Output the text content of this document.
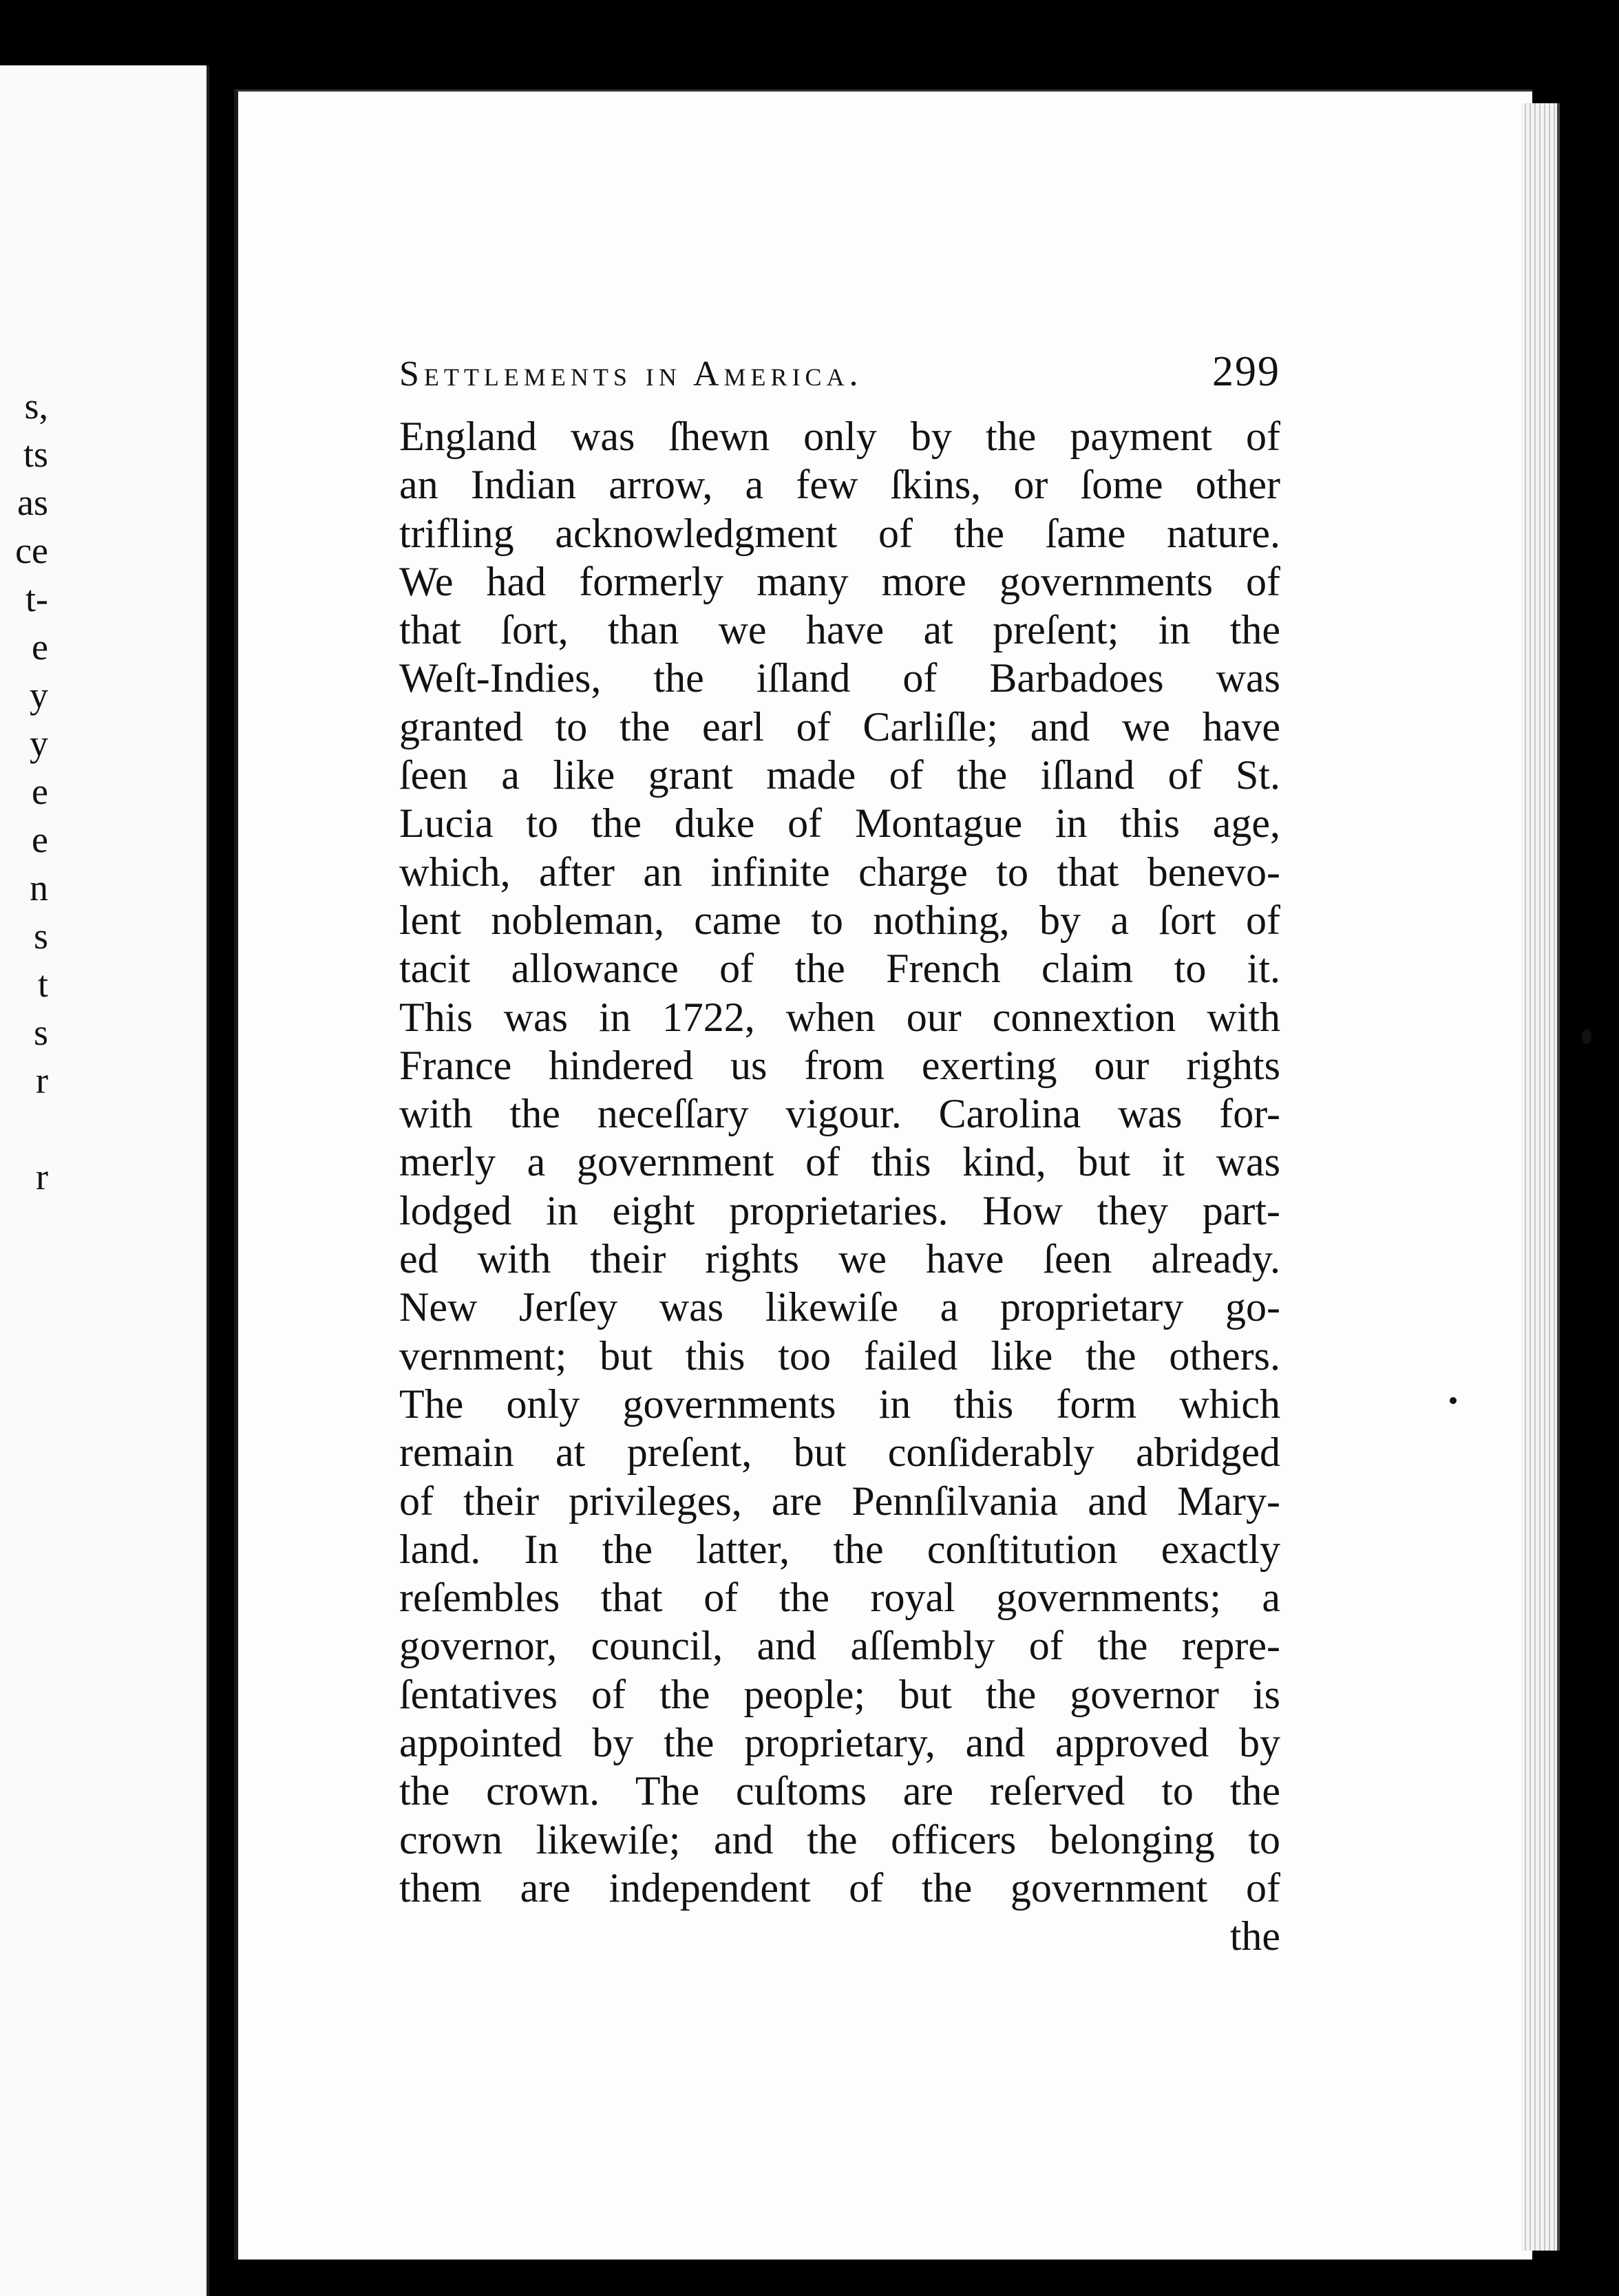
s,
ts
as
ce
t-
e
y
y
e
e
n
s
t
s
r
r
Settlements in America.	299
England was ſhewn only by the payment of
an Indian arrow, a few ſkins, or ſome other
trifling acknowledgment of the ſame nature.
We had formerly many more governments of
that ſort, than we have at preſent; in the
Weſt-Indies, the iſland of Barbadoes was
granted to the earl of Carliſle; and we have
ſeen a like grant made of the iſland of St.
Lucia to the duke of Montague in this age,
which, after an infinite charge to that benevo-
lent nobleman, came to nothing, by a ſort of
tacit allowance of the French claim to it.
This was in 1722, when our connextion with
France hindered us from exerting our rights
with the neceſſary vigour. Carolina was for-
merly a government of this kind, but it was
lodged in eight proprietaries. How they part-
ed with their rights we have ſeen already.
New Jerſey was likewiſe a proprietary go-
vernment; but this too failed like the others.
The only governments in this form which
remain at preſent, but conſiderably abridged
of their privileges, are Pennſilvania and Mary-
land. In the latter, the conſtitution exactly
reſembles that of the royal governments; a
governor, council, and aſſembly of the repre-
ſentatives of the people; but the governor is
appointed by the proprietary, and approved by
the crown. The cuſtoms are reſerved to the
crown likewiſe; and the officers belonging to
them are independent of the government of
the
